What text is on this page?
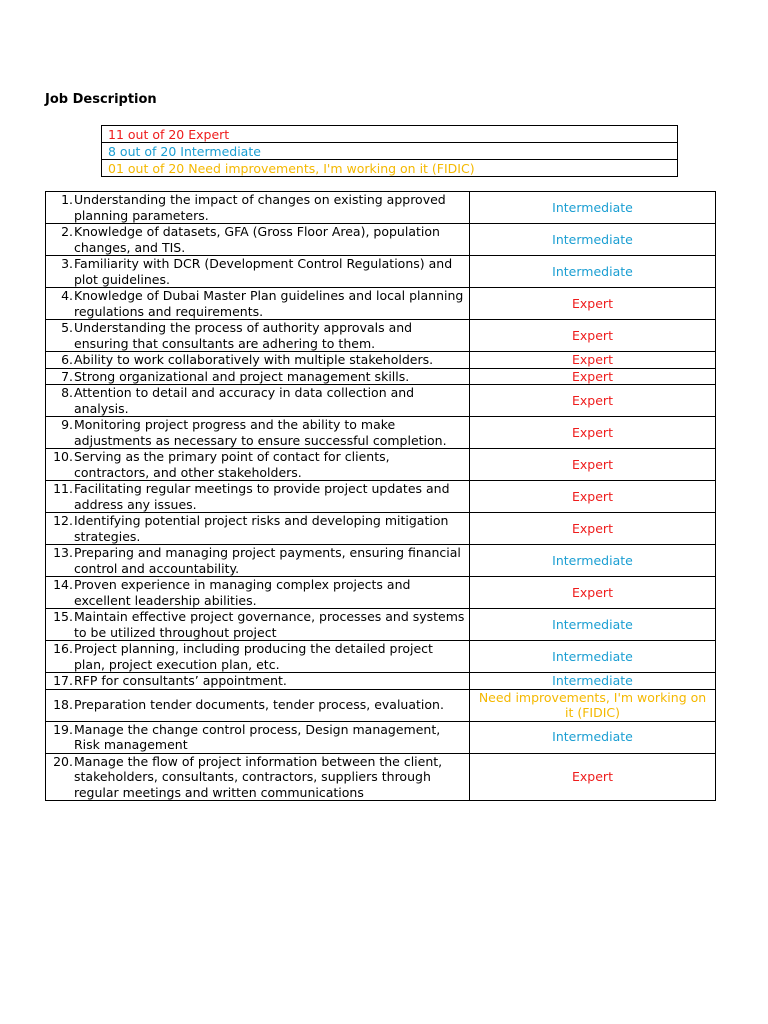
Job Description
11 out of 20 Expert
8 out of 20 Intermediate
01 out of 20 Need improvements, I'm working on it (FIDIC)
1. Understanding the impact of changes on existing approved planning parameters.	Intermediate

2. Knowledge of datasets, GFA (Gross Floor Area), population changes, and TIS.	Intermediate

3. Familiarity with DCR (Development Control Regulations) and plot guidelines.	Intermediate

4. Knowledge of Dubai Master Plan guidelines and local planning regulations and requirements.	Expert

5. Understanding the process of authority approvals and ensuring that consultants are adhering to them.	Expert

6. Ability to work collaboratively with multiple stakeholders.	Expert

7. Strong organizational and project management skills.	Expert

8. Attention to detail and accuracy in data collection and analysis.	Expert

9. Monitoring project progress and the ability to make adjustments as necessary to ensure successful completion.	Expert

10. Serving as the primary point of contact for clients, contractors, and other stakeholders.	Expert

11. Facilitating regular meetings to provide project updates and address any issues.	Expert

12. Identifying potential project risks and developing mitigation strategies.	Expert

13. Preparing and managing project payments, ensuring financial control and accountability.	Intermediate

14. Proven experience in managing complex projects and excellent leadership abilities.	Expert

15. Maintain effective project governance, processes and systems to be utilized throughout project	Intermediate

16. Project planning, including producing the detailed project plan, project execution plan, etc.	Intermediate

17. RFP for consultants’ appointment.	Intermediate

18. Preparation tender documents, tender process, evaluation.	Need improvements, I'm working on it (FIDIC)

19. Manage the change control process, Design management, Risk management	Intermediate

20. Manage the flow of project information between the client, stakeholders, consultants, contractors, suppliers through regular meetings and written communications	Expert
